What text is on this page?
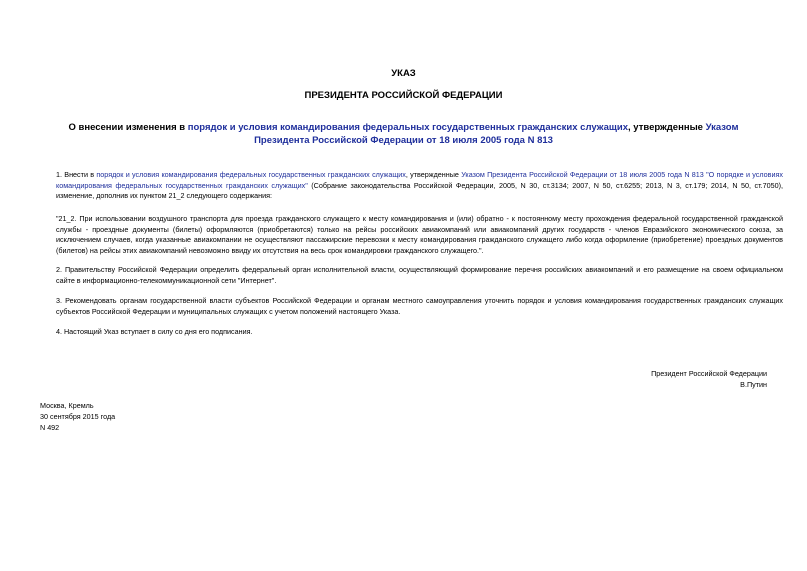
УКАЗ
ПРЕЗИДЕНТА РОССИЙСКОЙ ФЕДЕРАЦИИ
О внесении изменения в порядок и условия командирования федеральных государственных гражданских служащих, утвержденные Указом Президента Российской Федерации от 18 июля 2005 года N 813
1. Внести в порядок и условия командирования федеральных государственных гражданских служащих, утвержденные Указом Президента Российской Федерации от 18 июля 2005 года N 813 "О порядке и условиях командирования федеральных государственных гражданских служащих" (Собрание законодательства Российской Федерации, 2005, N 30, ст.3134; 2007, N 50, ст.6255; 2013, N 3, ст.179; 2014, N 50, ст.7050), изменение, дополнив их пунктом 21_2 следующего содержания:
"21_2. При использовании воздушного транспорта для проезда гражданского служащего к месту командирования и (или) обратно - к постоянному месту прохождения федеральной государственной гражданской службы - проездные документы (билеты) оформляются (приобретаются) только на рейсы российских авиакомпаний или авиакомпаний других государств - членов Евразийского экономического союза, за исключением случаев, когда указанные авиакомпании не осуществляют пассажирские перевозки к месту командирования гражданского служащего либо когда оформление (приобретение) проездных документов (билетов) на рейсы этих авиакомпаний невозможно ввиду их отсутствия на весь срок командировки гражданского служащего.".
2. Правительству Российской Федерации определить федеральный орган исполнительной власти, осуществляющий формирование перечня российских авиакомпаний и его размещение на своем официальном сайте в информационно-телекоммуникационной сети "Интернет".
3. Рекомендовать органам государственной власти субъектов Российской Федерации и органам местного самоуправления уточнить порядок и условия командирования государственных гражданских служащих субъектов Российской Федерации и муниципальных служащих с учетом положений настоящего Указа.
4. Настоящий Указ вступает в силу со дня его подписания.
Президент Российской Федерации
В.Путин
Москва, Кремль
30 сентября 2015 года
N 492
